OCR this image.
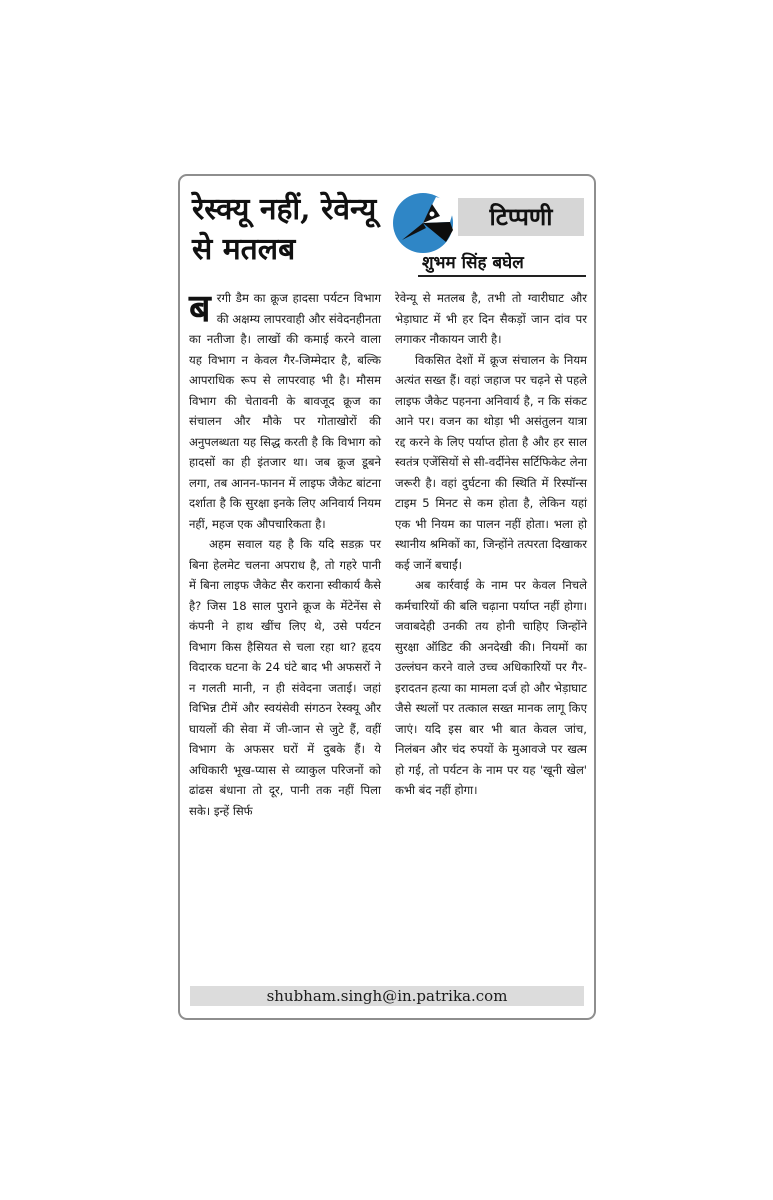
रेस्क्यू नहीं, रेवेन्यू से मतलब
टिप्पणी
शुभम सिंह बघेल

बरगी डैम का क्रूज हादसा पर्यटन विभाग की अक्षम्य लापरवाही और संवेदनहीनता का नतीजा है। लाखों की कमाई करने वाला यह विभाग न केवल गैर-जिम्मेदार है, बल्कि आपराधिक रूप से लापरवाह भी है। मौसम विभाग की चेतावनी के बावजूद क्रूज का संचालन और मौके पर गोताखोरों की अनुपलब्धता यह सिद्ध करती है कि विभाग को हादसों का ही इंतजार था। जब क्रूज डूबने लगा, तब आनन-फानन में लाइफ जैकेट बांटना दर्शाता है कि सुरक्षा इनके लिए अनिवार्य नियम नहीं, महज एक औपचारिकता है।

अहम सवाल यह है कि यदि सडक़ पर बिना हेलमेट चलना अपराध है, तो गहरे पानी में बिना लाइफ जैकेट सैर कराना स्वीकार्य कैसे है? जिस 18 साल पुराने क्रूज के मेंटेनेंस से कंपनी ने हाथ खींच लिए थे, उसे पर्यटन विभाग किस हैसियत से चला रहा था? हृदय विदारक घटना के 24 घंटे बाद भी अफसरों ने न गलती मानी, न ही संवेदना जताई। जहां विभिन्न टीमें और स्वयंसेवी संगठन रेस्क्यू और घायलों की सेवा में जी-जान से जुटे हैं, वहीं विभाग के अफसर घरों में दुबके हैं। ये अधिकारी भूख-प्यास से व्याकुल परिजनों को ढांढस बंधाना तो दूर, पानी तक नहीं पिला सके। इन्हें सिर्फ

रेवेन्यू से मतलब है, तभी तो ग्वारीघाट और भेड़ाघाट में भी हर दिन सैकड़ों जान दांव पर लगाकर नौकायन जारी है।

विकसित देशों में क्रूज संचालन के नियम अत्यंत सख्त हैं। वहां जहाज पर चढ़ने से पहले लाइफ जैकेट पहनना अनिवार्य है, न कि संकट आने पर। वजन का थोड़ा भी असंतुलन यात्रा रद्द करने के लिए पर्याप्त होता है और हर साल स्वतंत्र एजेंसियों से सी-वर्दीनेस सर्टिफिकेट लेना जरूरी है। वहां दुर्घटना की स्थिति में रिस्पॉन्स टाइम 5 मिनट से कम होता है, लेकिन यहां एक भी नियम का पालन नहीं होता। भला हो स्थानीय श्रमिकों का, जिन्होंने तत्परता दिखाकर कई जानें बचाईं।

अब कार्रवाई के नाम पर केवल निचले कर्मचारियों की बलि चढ़ाना पर्याप्त नहीं होगा। जवाबदेही उनकी तय होनी चाहिए जिन्होंने सुरक्षा ऑडिट की अनदेखी की। नियमों का उल्लंघन करने वाले उच्च अधिकारियों पर गैर-इरादतन हत्या का मामला दर्ज हो और भेड़ाघाट जैसे स्थलों पर तत्काल सख्त मानक लागू किए जाएं। यदि इस बार भी बात केवल जांच, निलंबन और चंद रुपयों के मुआवजे पर खत्म हो गई, तो पर्यटन के नाम पर यह 'खूनी खेल' कभी बंद नहीं होगा।

shubham.singh@in.patrika.com
